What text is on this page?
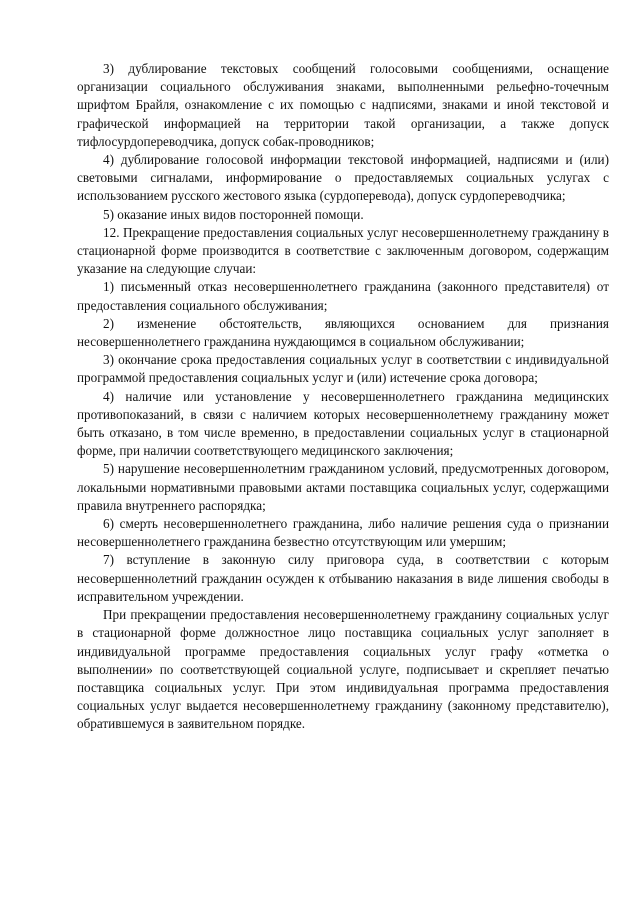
3) дублирование текстовых сообщений голосовыми сообщениями, оснащение организации социального обслуживания знаками, выполненными рельефно-точечным шрифтом Брайля, ознакомление с их помощью с надписями, знаками и иной текстовой и графической информацией на территории такой организации, а также допуск тифлосурдопереводчика, допуск собак-проводников;

4) дублирование голосовой информации текстовой информацией, надписями и (или) световыми сигналами, информирование о предоставляемых социальных услугах с использованием русского жестового языка (сурдоперевода), допуск сурдопереводчика;

5) оказание иных видов посторонней помощи.

12. Прекращение предоставления социальных услуг несовершеннолетнему гражданину в стационарной форме производится в соответствие с заключенным договором, содержащим указание на следующие случаи:

1) письменный отказ несовершеннолетнего гражданина (законного представителя) от предоставления социального обслуживания;

2) изменение обстоятельств, являющихся основанием для признания несовершеннолетнего гражданина нуждающимся в социальном обслуживании;

3) окончание срока предоставления социальных услуг в соответствии с индивидуальной программой предоставления социальных услуг и (или) истечение срока договора;

4) наличие или установление у несовершеннолетнего гражданина медицинских противопоказаний, в связи с наличием которых несовершеннолетнему гражданину может быть отказано, в том числе временно, в предоставлении социальных услуг в стационарной форме, при наличии соответствующего медицинского заключения;

5) нарушение несовершеннолетним гражданином условий, предусмотренных договором, локальными нормативными правовыми актами поставщика социальных услуг, содержащими правила внутреннего распорядка;

6) смерть несовершеннолетнего гражданина, либо наличие решения суда о признании несовершеннолетнего гражданина безвестно отсутствующим или умершим;

7) вступление в законную силу приговора суда, в соответствии с которым несовершеннолетний гражданин осужден к отбыванию наказания в виде лишения свободы в исправительном учреждении.

При прекращении предоставления несовершеннолетнему гражданину социальных услуг в стационарной форме должностное лицо поставщика социальных услуг заполняет в индивидуальной программе предоставления социальных услуг графу «отметка о выполнении» по соответствующей социальной услуге, подписывает и скрепляет печатью поставщика социальных услуг. При этом индивидуальная программа предоставления социальных услуг выдается несовершеннолетнему гражданину (законному представителю), обратившемуся в заявительном порядке.
